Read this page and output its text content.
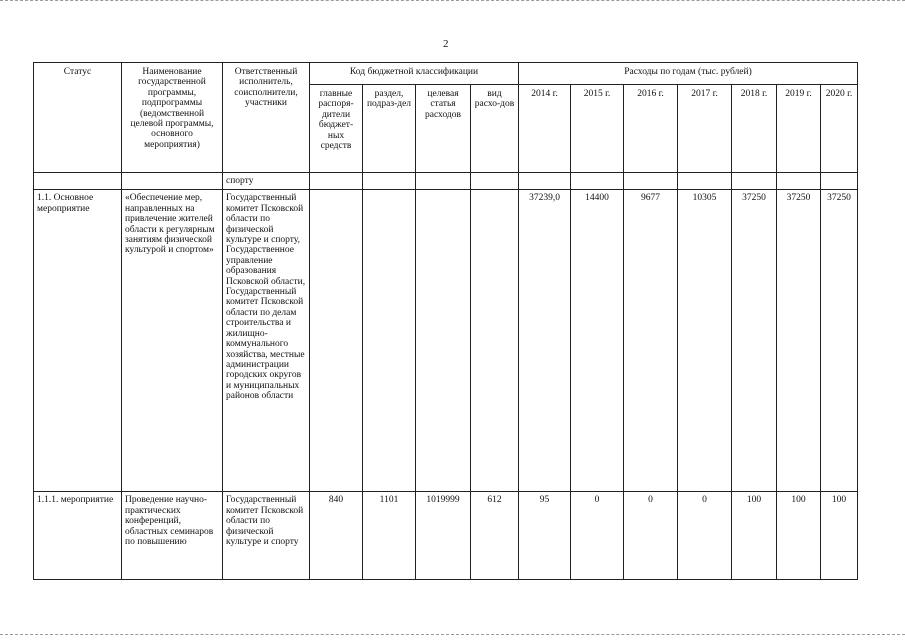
2
Статус	Наименование государственной программы, подпрограммы (ведомственной целевой программы, основного мероприятия)	Ответственный исполнитель, соисполнители, участники	Код бюджетной классификации				Расходы по годам (тыс. рублей)						
			главные распоря-дители бюджет-ных средств	раздел, подраз-дел	целевая статья расходов	вид расхо-дов	2014 г.	2015 г.	2016 г.	2017 г.	2018 г.	2019 г.	2020 г.
		спорту											
1.1. Основное мероприятие	«Обеспечение мер, направленных на привлечение жителей области к регулярным занятиям физической культурой и спортом»	Государственный комитет Псковской области по физической культуре и спорту, Государственное управление образования Псковской области, Государственный комитет Псковской области по делам строительства и жилищно-коммунального хозяйства, местные администрации городских округов и муниципальных районов области					37239,0	14400	9677	10305	37250	37250	37250
1.1.1. мероприятие	Проведение научно-практических конференций, областных семинаров по повышению	Государственный комитет Псковской области по физической культуре и спорту	840	1101	1019999	612	95	0	0	0	100	100	100
